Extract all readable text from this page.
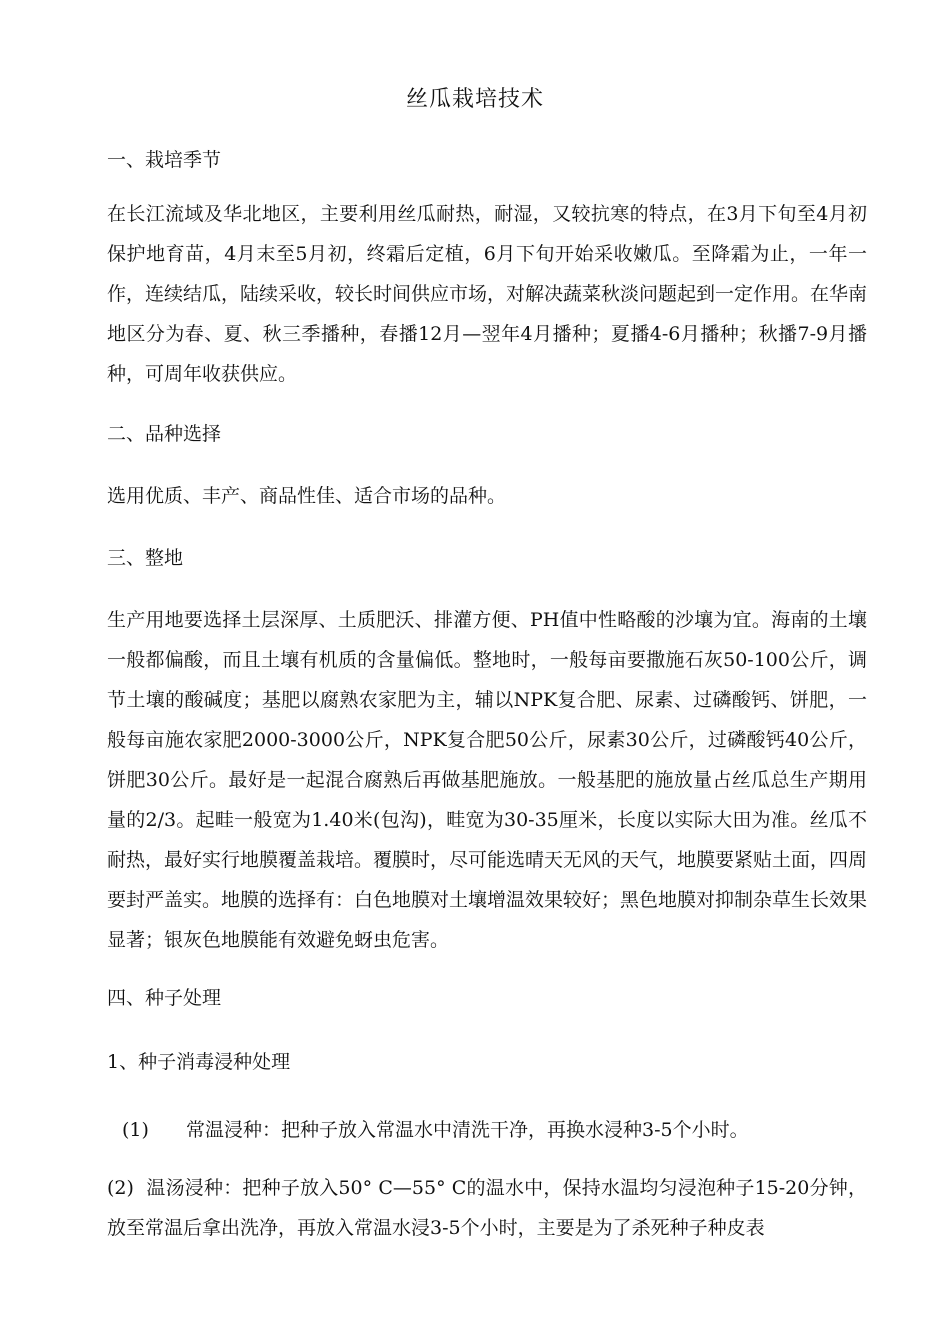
丝瓜栽培技术
一、栽培季节
在长江流域及华北地区，主要利用丝瓜耐热，耐湿，又较抗寒的特点，在3月下旬至4月初保护地育苗，4月末至5月初，终霜后定植，6月下旬开始采收嫩瓜。至降霜为止，一年一作，连续结瓜，陆续采收，较长时间供应市场，对解决蔬菜秋淡问题起到一定作用。在华南地区分为春、夏、秋三季播种，春播12月—翌年4月播种；夏播4-6月播种；秋播7-9月播种，可周年收获供应。
二、品种选择
选用优质、丰产、商品性佳、适合市场的品种。
三、整地
生产用地要选择土层深厚、土质肥沃、排灌方便、PH值中性略酸的沙壤为宜。海南的土壤一般都偏酸，而且土壤有机质的含量偏低。整地时，一般每亩要撒施石灰50-100公斤，调节土壤的酸碱度；基肥以腐熟农家肥为主，辅以NPK复合肥、尿素、过磷酸钙、饼肥，一般每亩施农家肥2000-3000公斤，NPK复合肥50公斤，尿素30公斤，过磷酸钙40公斤，饼肥30公斤。最好是一起混合腐熟后再做基肥施放。一般基肥的施放量占丝瓜总生产期用量的2/3。起畦一般宽为1.40米(包沟)，畦宽为30-35厘米，长度以实际大田为准。丝瓜不耐热，最好实行地膜覆盖栽培。覆膜时，尽可能选晴天无风的天气，地膜要紧贴土面，四周要封严盖实。地膜的选择有：白色地膜对土壤增温效果较好；黑色地膜对抑制杂草生长效果显著；银灰色地膜能有效避免蚜虫危害。
四、种子处理
1、种子消毒浸种处理
(1) 常温浸种：把种子放入常温水中清洗干净，再换水浸种3-5个小时。
(2) 温汤浸种：把种子放入50° C—55° C的温水中，保持水温均匀浸泡种子15-20分钟，放至常温后拿出洗净，再放入常温水浸3-5个小时，主要是为了杀死种子种皮表
